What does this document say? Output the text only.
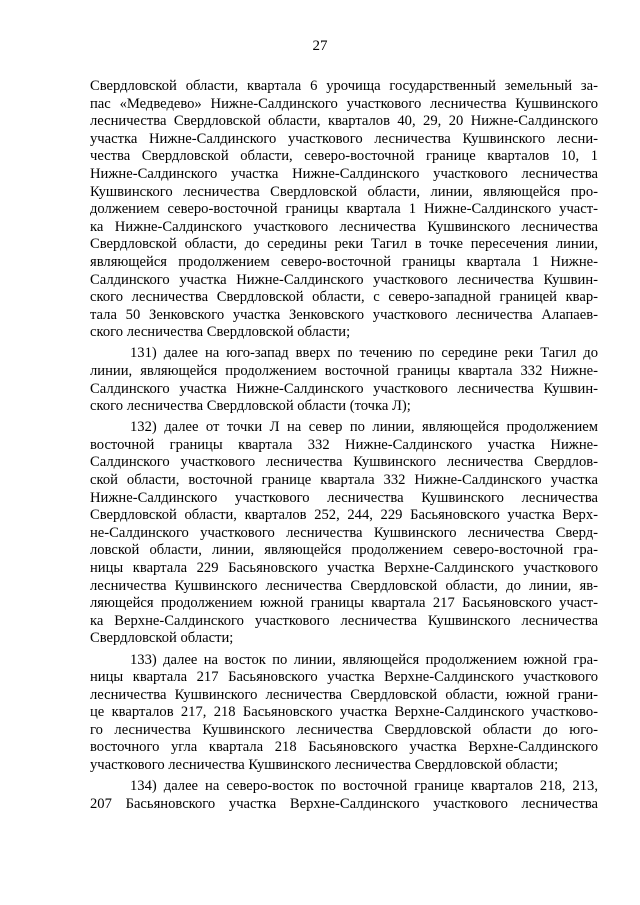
27
Свердловской области, квартала 6 урочища государственный земельный за-
пас «Медведево» Нижне-Салдинского участкового лесничества Кушвинского
лесничества Свердловской области, кварталов 40, 29, 20 Нижне-Салдинского
участка Нижне-Салдинского участкового лесничества Кушвинского лесни-
чества Свердловской области, северо-восточной границе кварталов 10, 1
Нижне-Салдинского участка Нижне-Салдинского участкового лесничества
Кушвинского лесничества Свердловской области, линии, являющейся про-
должением северо-восточной границы квартала 1 Нижне-Салдинского участ-
ка Нижне-Салдинского участкового лесничества Кушвинского лесничества
Свердловской области, до середины реки Тагил в точке пересечения линии,
являющейся продолжением северо-восточной границы квартала 1 Нижне-
Салдинского участка Нижне-Салдинского участкового лесничества Кушвин-
ского лесничества Свердловской области, с северо-западной границей квар-
тала 50 Зенковского участка Зенковского участкового лесничества Алапаев-
ского лесничества Свердловской области;
131) далее на юго-запад вверх по течению по середине реки Тагил до
линии, являющейся продолжением восточной границы квартала 332 Нижне-
Салдинского участка Нижне-Салдинского участкового лесничества Кушвин-
ского лесничества Свердловской области (точка Л);
132) далее от точки Л на север по линии, являющейся продолжением
восточной границы квартала 332 Нижне-Салдинского участка Нижне-
Салдинского участкового лесничества Кушвинского лесничества Свердлов-
ской области, восточной границе квартала 332 Нижне-Салдинского участка
Нижне-Салдинского участкового лесничества Кушвинского лесничества
Свердловской области, кварталов 252, 244, 229 Басьяновского участка Верх-
не-Салдинского участкового лесничества Кушвинского лесничества Сверд-
ловской области, линии, являющейся продолжением северо-восточной гра-
ницы квартала 229 Басьяновского участка Верхне-Салдинского участкового
лесничества Кушвинского лесничества Свердловской области, до линии, яв-
ляющейся продолжением южной границы квартала 217 Басьяновского участ-
ка Верхне-Салдинского участкового лесничества Кушвинского лесничества
Свердловской области;
133) далее на восток по линии, являющейся продолжением южной гра-
ницы квартала 217 Басьяновского участка Верхне-Салдинского участкового
лесничества Кушвинского лесничества Свердловской области, южной грани-
це кварталов 217, 218 Басьяновского участка Верхне-Салдинского участково-
го лесничества Кушвинского лесничества Свердловской области до юго-
восточного угла квартала 218 Басьяновского участка Верхне-Салдинского
участкового лесничества Кушвинского лесничества Свердловской области;
134) далее на северо-восток по восточной границе кварталов 218, 213,
207 Басьяновского участка Верхне-Салдинского участкового лесничества
